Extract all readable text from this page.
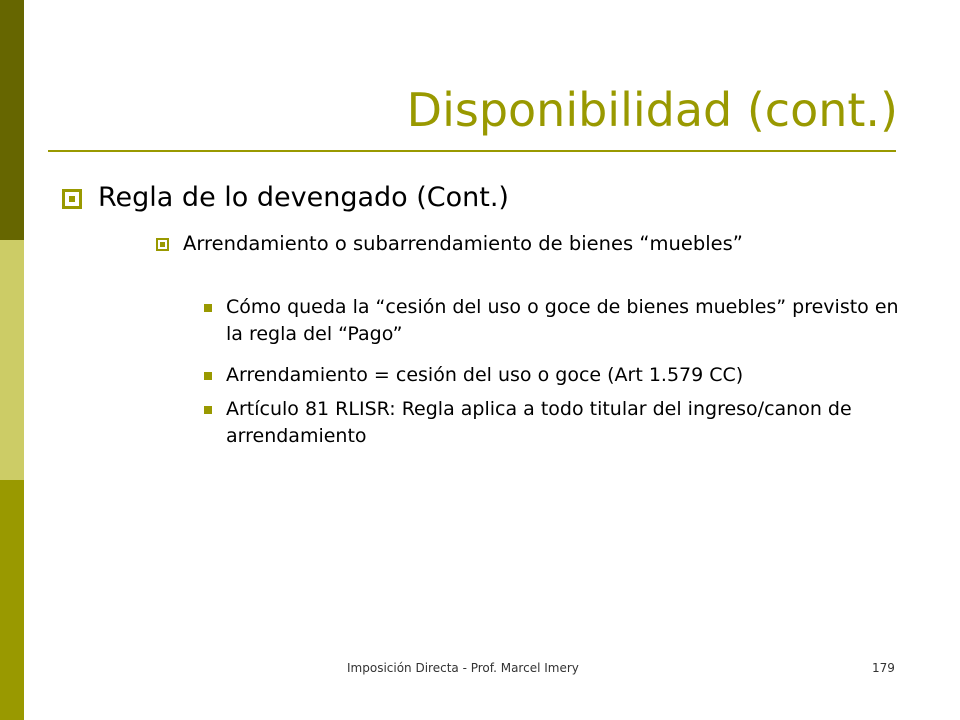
Disponibilidad (cont.)
Regla de lo devengado (Cont.)
Arrendamiento o subarrendamiento de bienes “muebles”
Cómo queda la “cesión del uso o goce de bienes muebles” previsto en la regla del “Pago”
Arrendamiento = cesión del uso o goce (Art 1.579 CC)
Artículo 81 RLISR: Regla aplica a todo titular del ingreso/canon de arrendamiento
Imposición Directa - Prof. Marcel Imery	179
